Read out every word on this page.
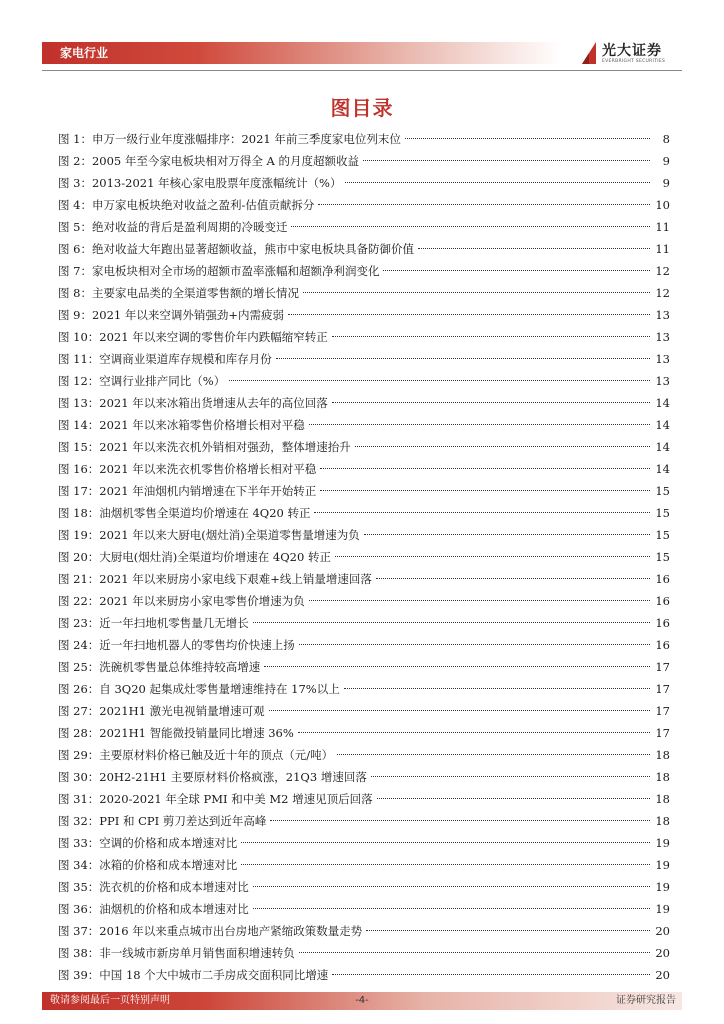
家电行业	光大证券
EVERBRIGHT SECURITIES
图目录
图 1： 申万一级行业年度涨幅排序：2021 年前三季度家电位列末位	8
图 2： 2005 年至今家电板块相对万得全 A 的月度超额收益	9
图 3： 2013-2021 年核心家电股票年度涨幅统计（%）	9
图 4： 申万家电板块绝对收益之盈利-估值贡献拆分	10
图 5： 绝对收益的背后是盈利周期的冷暖变迁	11
图 6： 绝对收益大年跑出显著超额收益，熊市中家电板块具备防御价值	11
图 7： 家电板块相对全市场的超额市盈率涨幅和超额净利润变化	12
图 8： 主要家电品类的全渠道零售额的增长情况	12
图 9： 2021 年以来空调外销强劲+内需疲弱	13
图 10： 2021 年以来空调的零售价年内跌幅缩窄转正	13
图 11： 空调商业渠道库存规模和库存月份	13
图 12： 空调行业排产同比（%）	13
图 13： 2021 年以来冰箱出货增速从去年的高位回落	14
图 14： 2021 年以来冰箱零售价格增长相对平稳	14
图 15： 2021 年以来洗衣机外销相对强劲，整体增速抬升	14
图 16： 2021 年以来洗衣机零售价格增长相对平稳	14
图 17： 2021 年油烟机内销增速在下半年开始转正	15
图 18： 油烟机零售全渠道均价增速在 4Q20 转正	15
图 19： 2021 年以来大厨电(烟灶消)全渠道零售量增速为负	15
图 20： 大厨电(烟灶消)全渠道均价增速在 4Q20 转正	15
图 21： 2021 年以来厨房小家电线下艰难+线上销量增速回落	16
图 22： 2021 年以来厨房小家电零售价增速为负	16
图 23： 近一年扫地机零售量几无增长	16
图 24： 近一年扫地机器人的零售均价快速上扬	16
图 25： 洗碗机零售量总体维持较高增速	17
图 26： 自 3Q20 起集成灶零售量增速维持在 17%以上	17
图 27： 2021H1 激光电视销量增速可观	17
图 28： 2021H1 智能微投销量同比增速 36%	17
图 29： 主要原材料价格已触及近十年的顶点（元/吨）	18
图 30： 20H2-21H1 主要原材料价格疯涨，21Q3 增速回落	18
图 31： 2020-2021 年全球 PMI 和中美 M2 增速见顶后回落	18
图 32： PPI 和 CPI 剪刀差达到近年高峰	18
图 33： 空调的价格和成本增速对比	19
图 34： 冰箱的价格和成本增速对比	19
图 35： 洗衣机的价格和成本增速对比	19
图 36： 油烟机的价格和成本增速对比	19
图 37： 2016 年以来重点城市出台房地产紧缩政策数量走势	20
图 38： 非一线城市新房单月销售面积增速转负	20
图 39： 中国 18 个大中城市二手房成交面积同比增速	20
敬请参阅最后一页特别声明	-4-	证券研究报告
